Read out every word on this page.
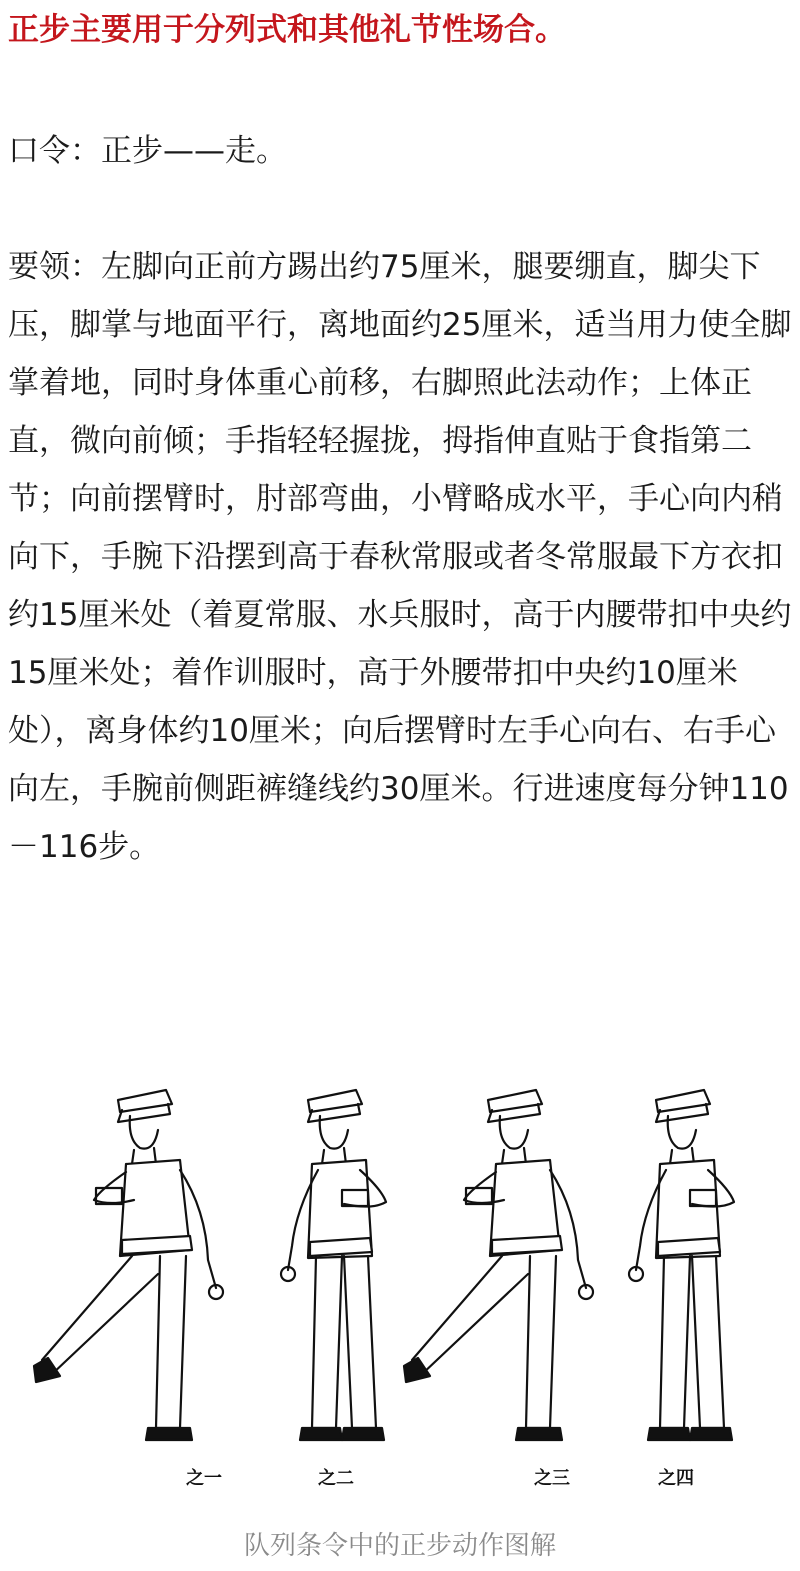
正步主要用于分列式和其他礼节性场合。

口令：正步——走。

要领：左脚向正前方踢出约75厘米，腿要绷直，脚尖下压，脚掌与地面平行，离地面约25厘米，适当用力使全脚掌着地，同时身体重心前移，右脚照此法动作；上体正直，微向前倾；手指轻轻握拢，拇指伸直贴于食指第二节；向前摆臂时，肘部弯曲，小臂略成水平，手心向内稍向下，手腕下沿摆到高于春秋常服或者冬常服最下方衣扣约15厘米处（着夏常服、水兵服时，高于内腰带扣中央约15厘米处；着作训服时，高于外腰带扣中央约10厘米处），离身体约10厘米；向后摆臂时左手心向右、右手心向左，手腕前侧距裤缝线约30厘米。行进速度每分钟110－116步。

之一	之二	之三	之四

队列条令中的正步动作图解
